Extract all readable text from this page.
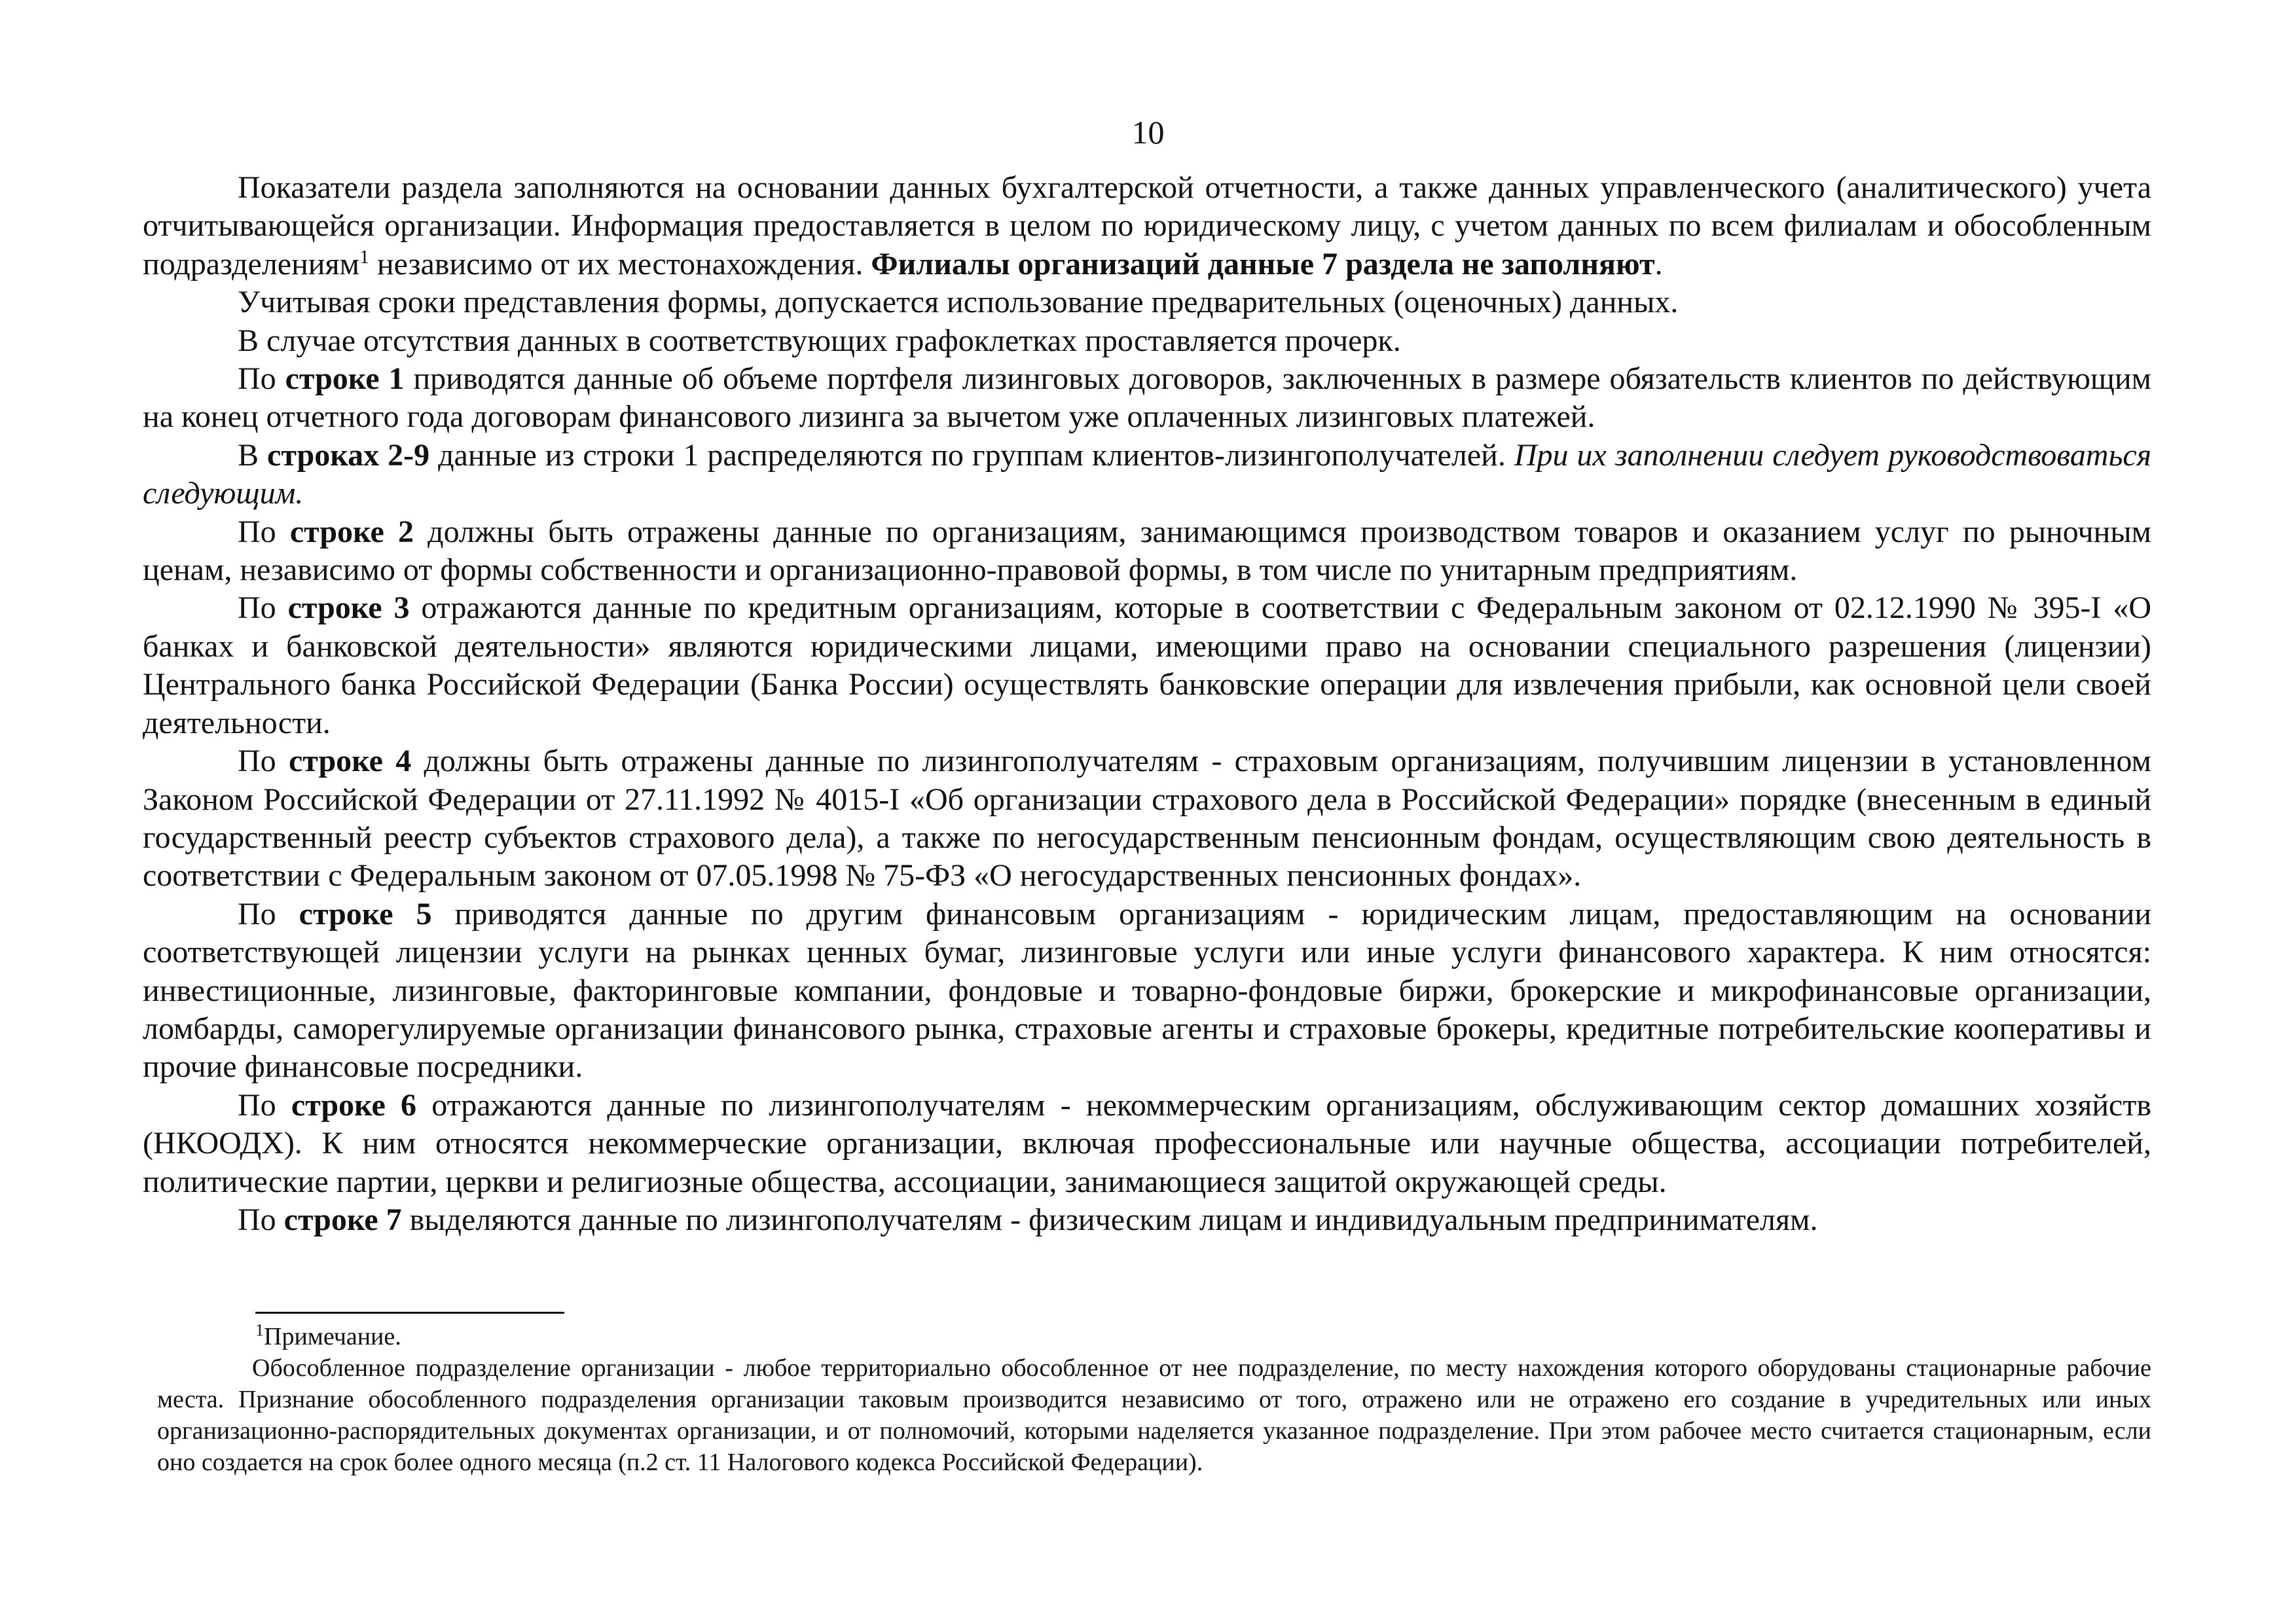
10

Показатели раздела заполняются на основании данных бухгалтерской отчетности, а также данных управленческого (аналитического) учета отчитывающейся организации. Информация предоставляется в целом по юридическому лицу, с учетом данных по всем филиалам и обособленным подразделениям$^1$ независимо от их местонахождения. Филиалы организаций данные 7 раздела не заполняют.

Учитывая сроки представления формы, допускается использование предварительных (оценочных) данных.

В случае отсутствия данных в соответствующих графоклетках проставляется прочерк.

По строке 1 приводятся данные об объеме портфеля лизинговых договоров, заключенных в размере обязательств клиентов по действующим на конец отчетного года договорам финансового лизинга за вычетом уже оплаченных лизинговых платежей.

В строках 2-9 данные из строки 1 распределяются по группам клиентов-лизингополучателей. При их заполнении следует руководствоваться следующим.

По строке 2 должны быть отражены данные по организациям, занимающимся производством товаров и оказанием услуг по рыночным ценам, независимо от формы собственности и организационно-правовой формы, в том числе по унитарным предприятиям.

По строке 3 отражаются данные по кредитным организациям, которые в соответствии с Федеральным законом от 02.12.1990 № 395-I «О банках и банковской деятельности» являются юридическими лицами, имеющими право на основании специального разрешения (лицензии) Центрального банка Российской Федерации (Банка России) осуществлять банковские операции для извлечения прибыли, как основной цели своей деятельности.

По строке 4 должны быть отражены данные по лизингополучателям - страховым организациям, получившим лицензии в установленном Законом Российской Федерации от 27.11.1992 № 4015-I «Об организации страхового дела в Российской Федерации» порядке (внесенным в единый государственный реестр субъектов страхового дела), а также по негосударственным пенсионным фондам, осуществляющим свою деятельность в соответствии с Федеральным законом от 07.05.1998 № 75-ФЗ «О негосударственных пенсионных фондах».

По строке 5 приводятся данные по другим финансовым организациям - юридическим лицам, предоставляющим на основании соответствующей лицензии услуги на рынках ценных бумаг, лизинговые услуги или иные услуги финансового характера. К ним относятся: инвестиционные, лизинговые, факторинговые компании, фондовые и товарно-фондовые биржи, брокерские и микрофинансовые организации, ломбарды, саморегулируемые организации финансового рынка, страховые агенты и страховые брокеры, кредитные потребительские кооперативы и прочие финансовые посредники.

По строке 6 отражаются данные по лизингополучателям - некоммерческим организациям, обслуживающим сектор домашних хозяйств (НКООДХ). К ним относятся некоммерческие организации, включая профессиональные или научные общества, ассоциации потребителей, политические партии, церкви и религиозные общества, ассоциации, занимающиеся защитой окружающей среды.

По строке 7 выделяются данные по лизингополучателям - физическим лицам и индивидуальным предпринимателям.

$^1$Примечание.

Обособленное подразделение организации - любое территориально обособленное от нее подразделение, по месту нахождения которого оборудованы стационарные рабочие места. Признание обособленного подразделения организации таковым производится независимо от того, отражено или не отражено его создание в учредительных или иных организационно-распорядительных документах организации, и от полномочий, которыми наделяется указанное подразделение. При этом рабочее место считается стационарным, если оно создается на срок более одного месяца (п.2 ст. 11 Налогового кодекса Российской Федерации).
